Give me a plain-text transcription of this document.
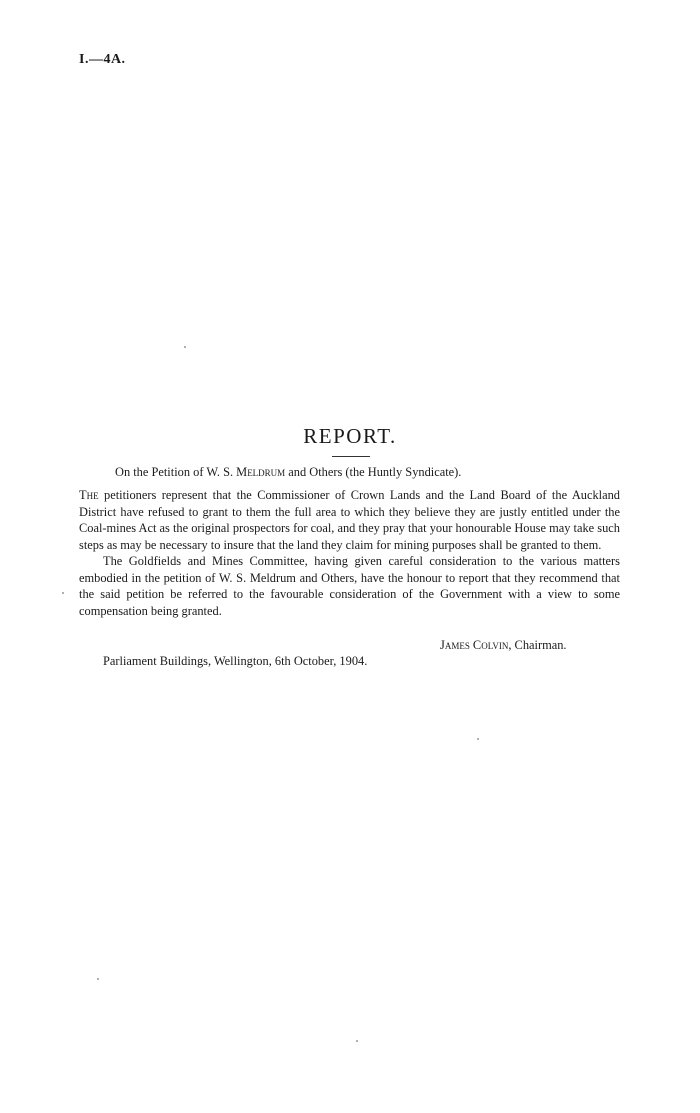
I.—4A.
REPORT.
On the Petition of W. S. Meldrum and Others (the Huntly Syndicate).

The petitioners represent that the Commissioner of Crown Lands and the Land Board of the Auckland District have refused to grant to them the full area to which they believe they are justly entitled under the Coal-mines Act as the original prospectors for coal, and they pray that your honourable House may take such steps as may be necessary to insure that the land they claim for mining purposes shall be granted to them.

The Goldfields and Mines Committee, having given careful consideration to the various matters embodied in the petition of W. S. Meldrum and Others, have the honour to report that they recommend that the said petition be referred to the favourable consideration of the Government with a view to some compensation being granted.

James Colvin, Chairman.
Parliament Buildings, Wellington, 6th October, 1904.
